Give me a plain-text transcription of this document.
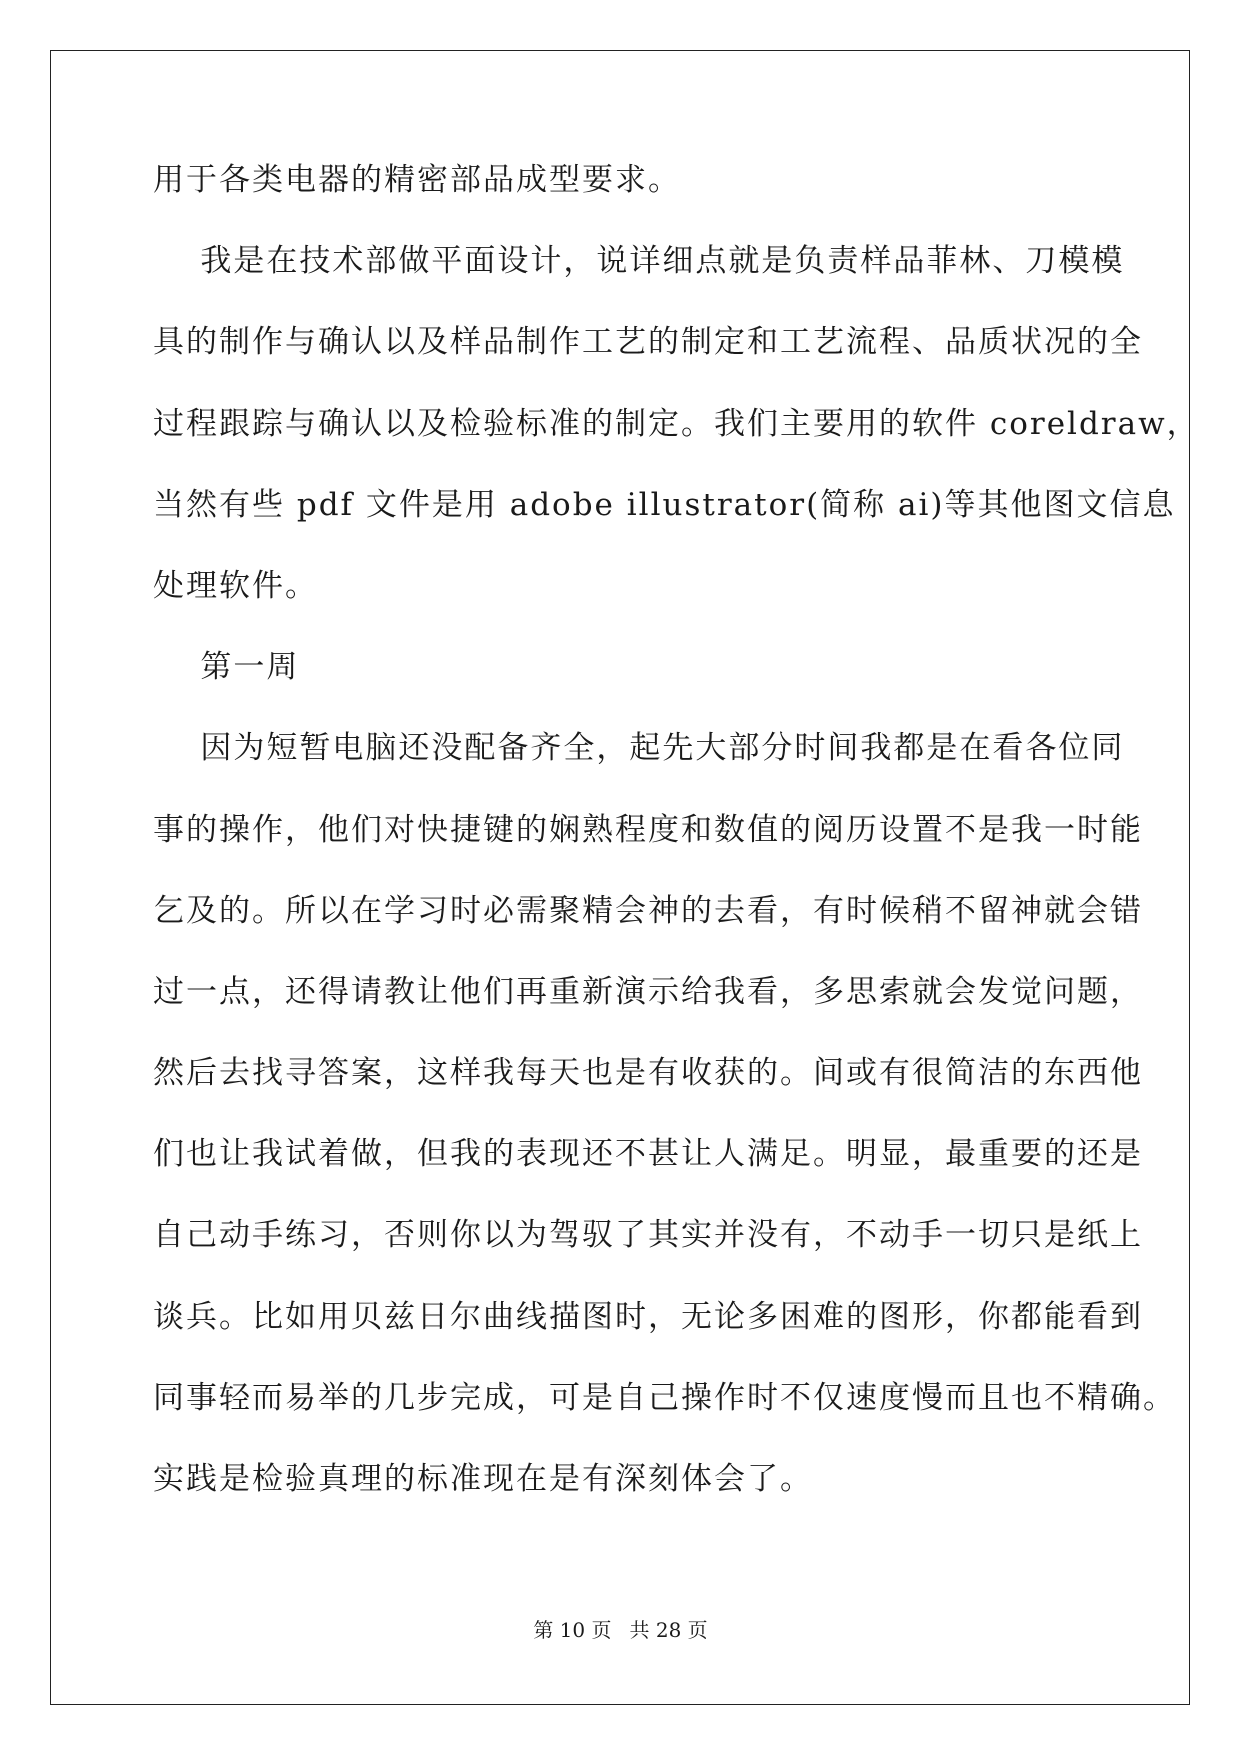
用于各类电器的精密部品成型要求。
我是在技术部做平面设计，说详细点就是负责样品菲林、刀模模
具的制作与确认以及样品制作工艺的制定和工艺流程、品质状况的全
过程跟踪与确认以及检验标准的制定。我们主要用的软件 coreldraw，
当然有些 pdf 文件是用 adobe illustrator(简称 ai)等其他图文信息
处理软件。
第一周
因为短暂电脑还没配备齐全，起先大部分时间我都是在看各位同
事的操作，他们对快捷键的娴熟程度和数值的阅历设置不是我一时能
乞及的。所以在学习时必需聚精会神的去看，有时候稍不留神就会错
过一点，还得请教让他们再重新演示给我看，多思索就会发觉问题，
然后去找寻答案，这样我每天也是有收获的。间或有很简洁的东西他
们也让我试着做，但我的表现还不甚让人满足。明显，最重要的还是
自己动手练习，否则你以为驾驭了其实并没有，不动手一切只是纸上
谈兵。比如用贝兹日尔曲线描图时，无论多困难的图形，你都能看到
同事轻而易举的几步完成，可是自己操作时不仅速度慢而且也不精确。
实践是检验真理的标准现在是有深刻体会了。
第 10 页 共 28 页
